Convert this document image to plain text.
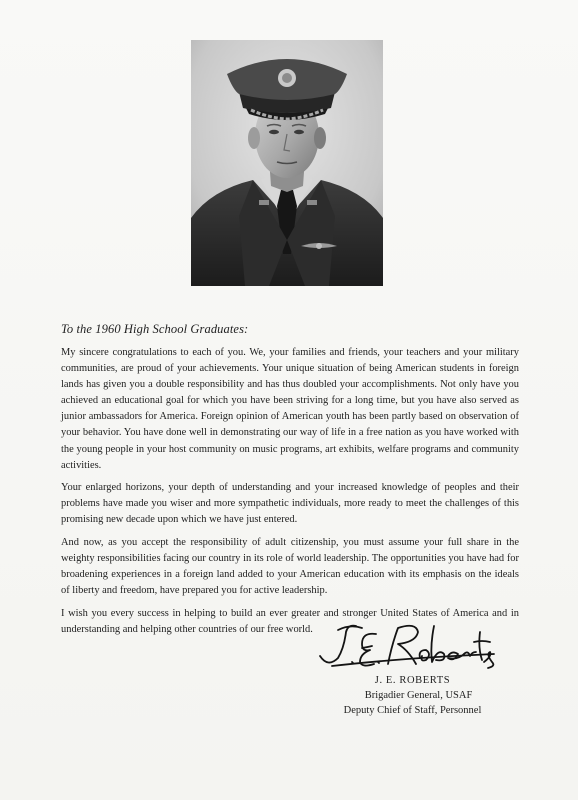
To the 1960 High School Graduates:

My sincere congratulations to each of you. We, your families and friends, your teachers and your military communities, are proud of your achievements. Your unique situation of being American students in foreign lands has given you a double responsibility and has thus doubled your accomplishments. Not only have you achieved an educational goal for which you have been striving for a long time, but you have also served as junior ambassadors for America. Foreign opinion of American youth has been partly based on observation of your behavior. You have done well in demonstrating our way of life in a free nation as you have worked with the young people in your host community on music programs, art exhibits, welfare programs and community activities.

Your enlarged horizons, your depth of understanding and your increased knowledge of peoples and their problems have made you wiser and more sympathetic individuals, more ready to meet the challenges of this promising new decade upon which we have just entered.

And now, as you accept the responsibility of adult citizenship, you must assume your full share in the weighty responsibilities facing our country in its role of world leadership. The opportunities you have had for broadening experiences in a foreign land added to your American education with its emphasis on the ideals of liberty and freedom, have prepared you for active leadership.

I wish you every success in helping to build an ever greater and stronger United States of America and in understanding and helping other countries of our free world.

J. E. ROBERTS
Brigadier General, USAF
Deputy Chief of Staff, Personnel
